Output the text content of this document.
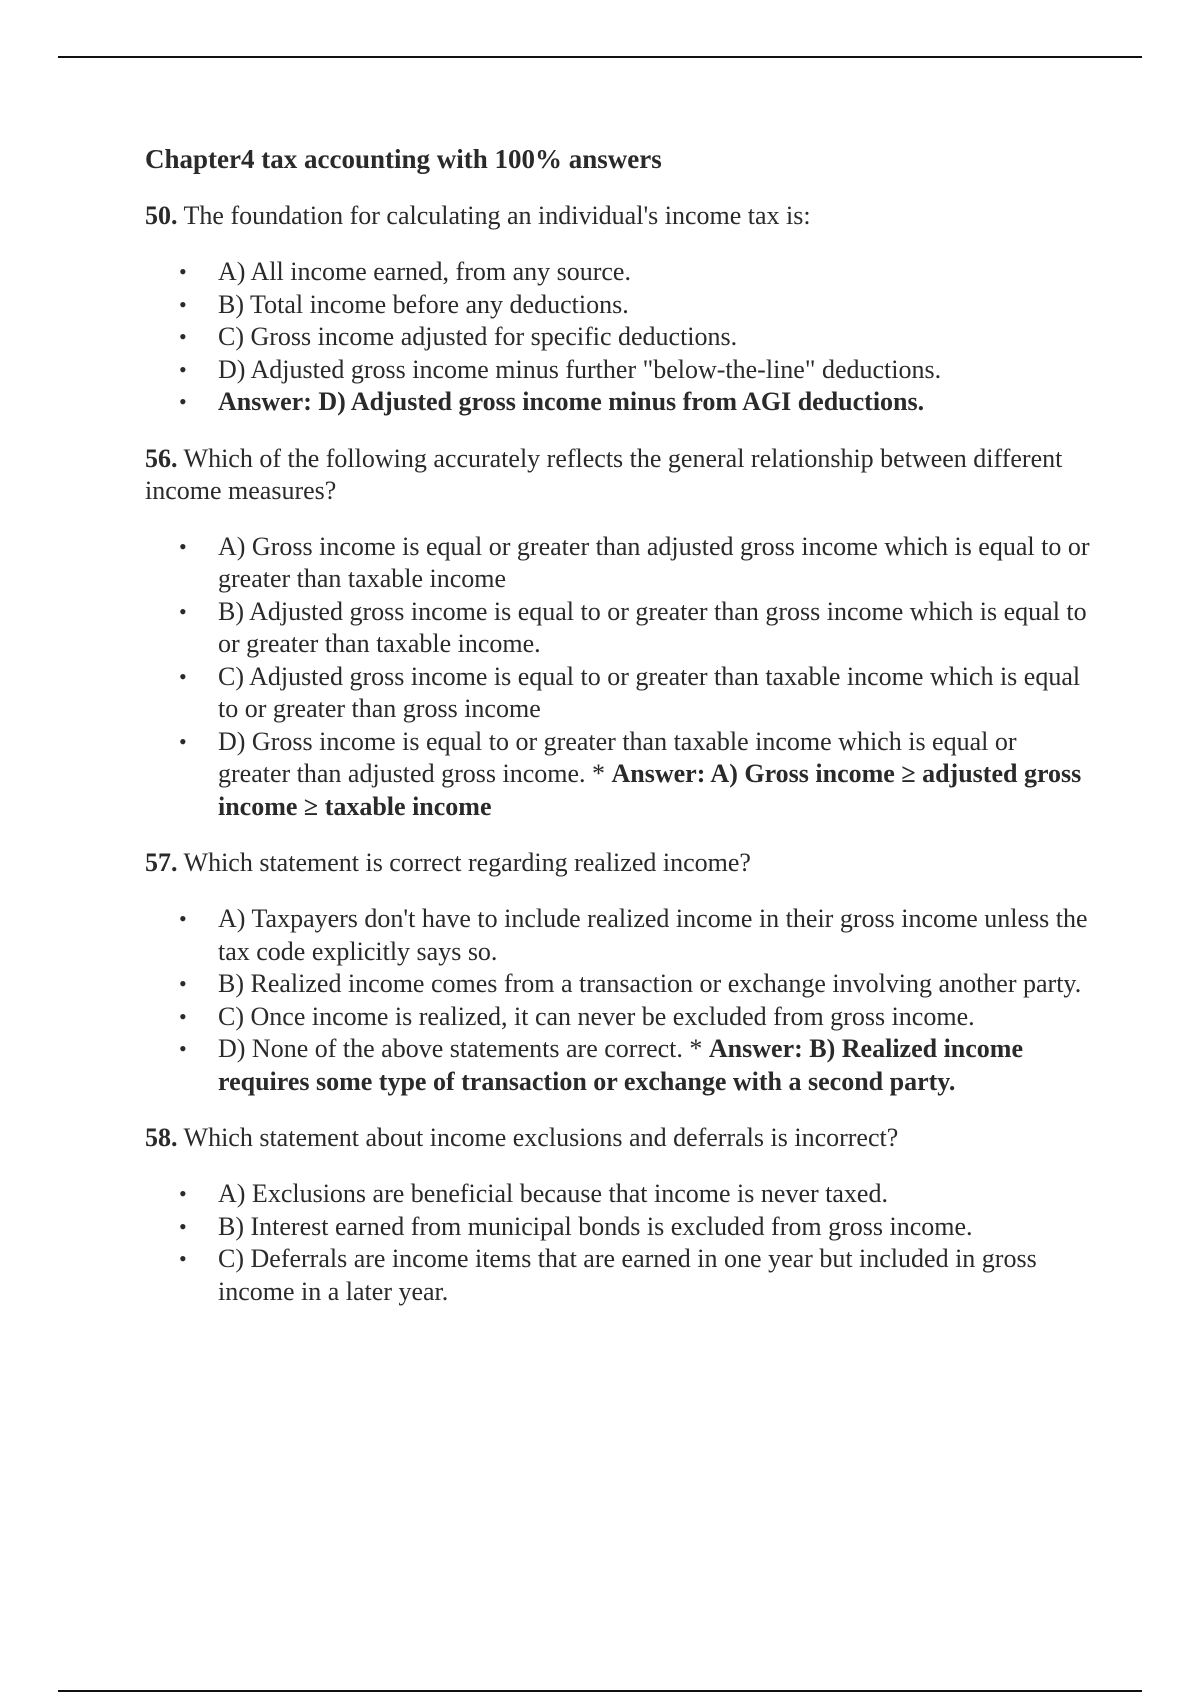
Chapter4 tax accounting with 100% answers
50. The foundation for calculating an individual's income tax is:
• A) All income earned, from any source.
• B) Total income before any deductions.
• C) Gross income adjusted for specific deductions.
• D) Adjusted gross income minus further "below-the-line" deductions.
• Answer: D) Adjusted gross income minus from AGI deductions.
56. Which of the following accurately reflects the general relationship between different income measures?
• A) Gross income is equal or greater than adjusted gross income which is equal to or greater than taxable income
• B) Adjusted gross income is equal to or greater than gross income which is equal to or greater than taxable income.
• C) Adjusted gross income is equal to or greater than taxable income which is equal to or greater than gross income
• D) Gross income is equal to or greater than taxable income which is equal or greater than adjusted gross income. * Answer: A) Gross income ≥ adjusted gross income ≥ taxable income
57. Which statement is correct regarding realized income?
• A) Taxpayers don't have to include realized income in their gross income unless the tax code explicitly says so.
• B) Realized income comes from a transaction or exchange involving another party.
• C) Once income is realized, it can never be excluded from gross income.
• D) None of the above statements are correct. * Answer: B) Realized income requires some type of transaction or exchange with a second party.
58. Which statement about income exclusions and deferrals is incorrect?
• A) Exclusions are beneficial because that income is never taxed.
• B) Interest earned from municipal bonds is excluded from gross income.
• C) Deferrals are income items that are earned in one year but included in gross income in a later year.
